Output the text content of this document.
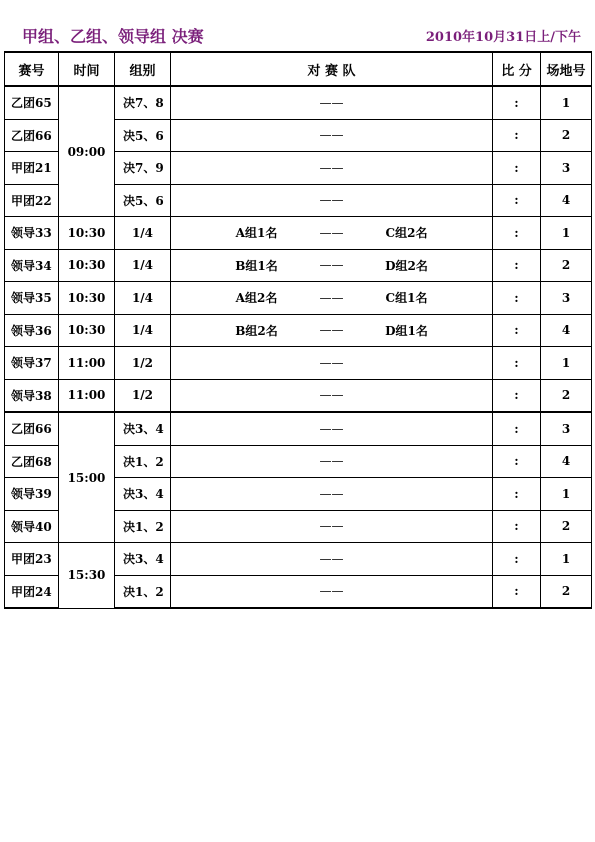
甲组、乙组、领导组 决赛	2010年10月31日上/下午
赛号	时间	组别	对 赛 队	比 分	场地号
乙团65	09:00	决7、8	——	:	1
乙团66		决5、6	——	:	2
甲团21		决7、9	——	:	3
甲团22		决5、6	——	:	4
领导33	10:30	1/4	A组1名 —— C组2名	:	1
领导34	10:30	1/4	B组1名 —— D组2名	:	2
领导35	10:30	1/4	A组2名 —— C组1名	:	3
领导36	10:30	1/4	B组2名 —— D组1名	:	4
领导37	11:00	1/2	——	:	1
领导38	11:00	1/2	——	:	2
乙团66	15:00	决3、4	——	:	3
乙团68		决1、2	——	:	4
领导39		决3、4	——	:	1
领导40		决1、2	——	:	2
甲团23	15:30	决3、4	——	:	1
甲团24		决1、2	——	:	2
